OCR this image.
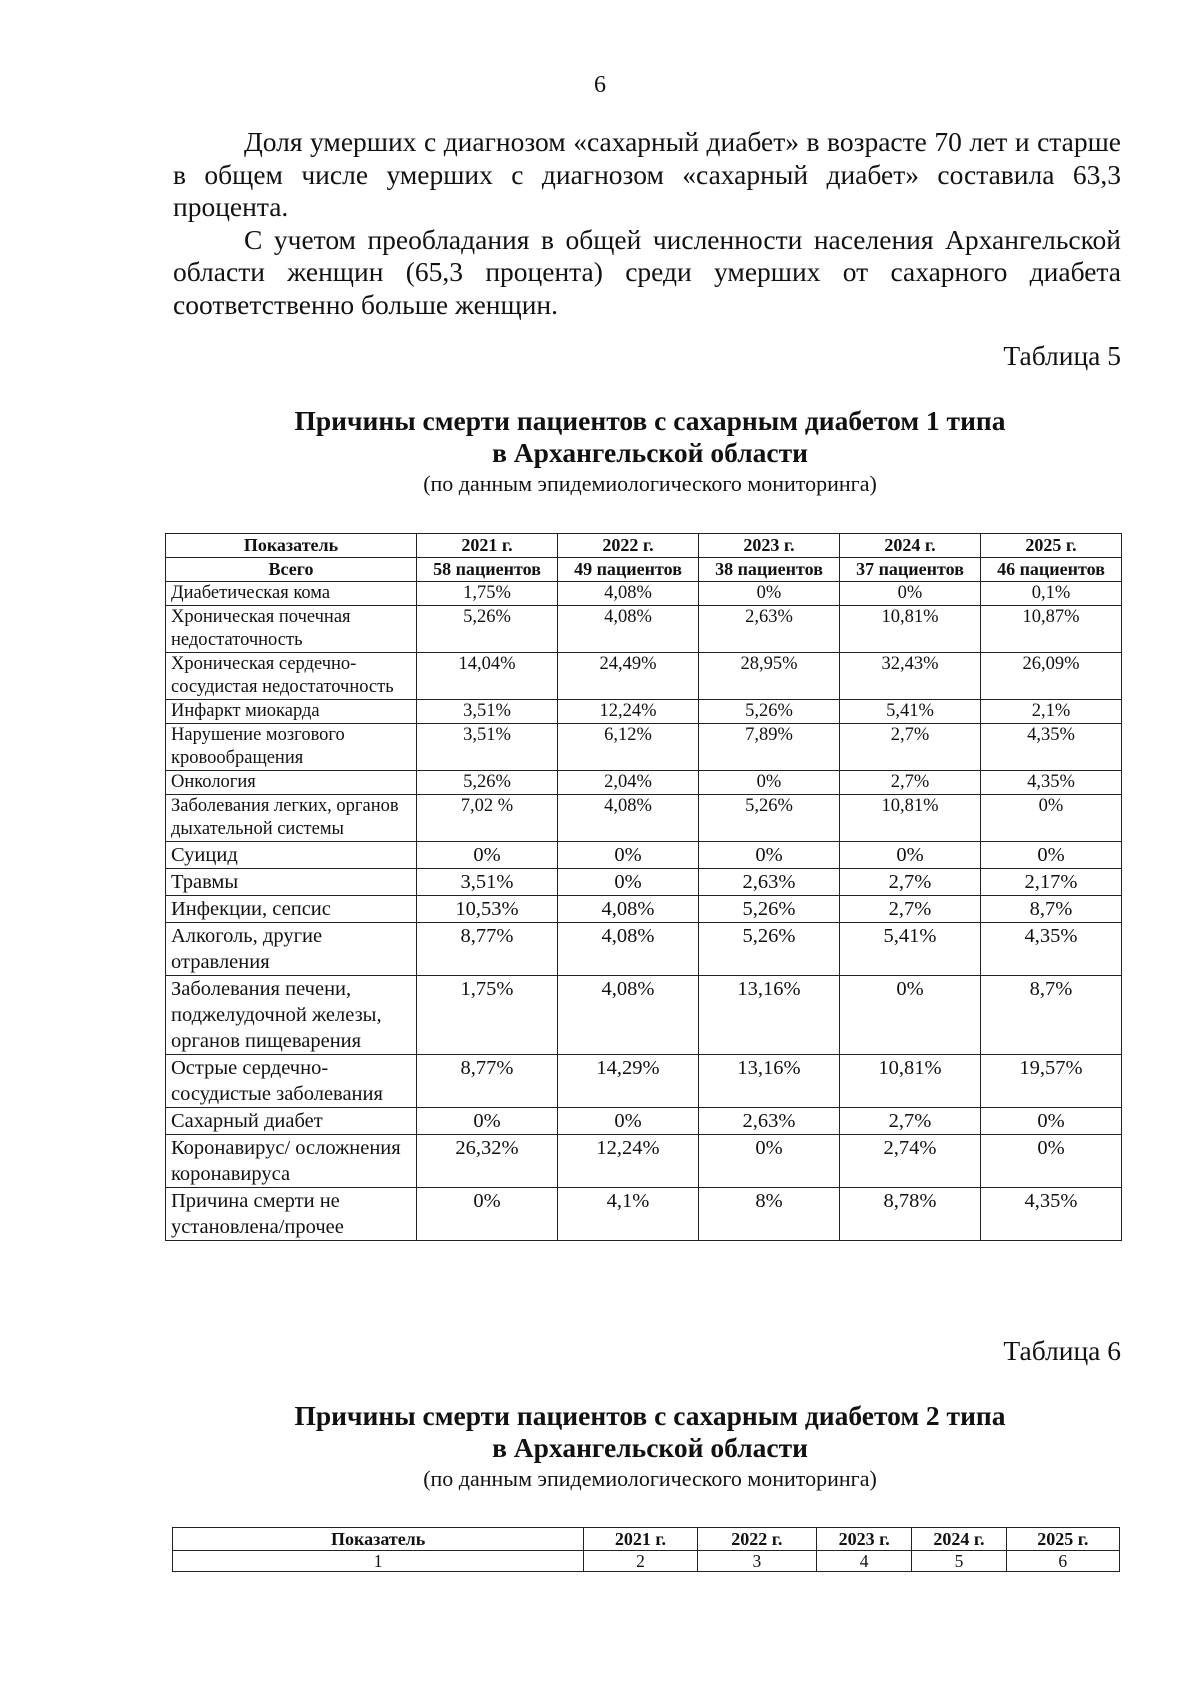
6

Доля умерших с диагнозом «сахарный диабет» в возрасте 70 лет и старше в общем числе умерших с диагнозом «сахарный диабет» составила 63,3 процента.

С учетом преобладания в общей численности населения Архангельской области женщин (65,3 процента) среди умерших от сахарного диабета соответственно больше женщин.

Таблица 5
Причины смерти пациентов с сахарным диабетом 1 типа
в Архангельской области
(по данным эпидемиологического мониторинга)
Показатель	2021 г.	2022 г.	2023 г.	2024 г.	2025 г.
Всего	58 пациентов	49 пациентов	38 пациентов	37 пациентов	46 пациентов
Диабетическая кома	1,75%	4,08%	0%	0%	0,1%
Хроническая почечная недостаточность	5,26%	4,08%	2,63%	10,81%	10,87%
Хроническая сердечно-сосудистая недостаточность	14,04%	24,49%	28,95%	32,43%	26,09%
Инфаркт миокарда	3,51%	12,24%	5,26%	5,41%	2,1%
Нарушение мозгового кровообращения	3,51%	6,12%	7,89%	2,7%	4,35%
Онкология	5,26%	2,04%	0%	2,7%	4,35%
Заболевания легких, органов дыхательной системы	7,02 %	4,08%	5,26%	10,81%	0%
Суицид	0%	0%	0%	0%	0%
Травмы	3,51%	0%	2,63%	2,7%	2,17%
Инфекции, сепсис	10,53%	4,08%	5,26%	2,7%	8,7%
Алкоголь, другие отравления	8,77%	4,08%	5,26%	5,41%	4,35%
Заболевания печени, поджелудочной железы, органов пищеварения	1,75%	4,08%	13,16%	0%	8,7%
Острые сердечно-сосудистые заболевания	8,77%	14,29%	13,16%	10,81%	19,57%
Сахарный диабет	0%	0%	2,63%	2,7%	0%
Коронавирус/ осложнения коронавируса	26,32%	12,24%	0%	2,74%	0%
Причина смерти не установлена/прочее	0%	4,1%	8%	8,78%	4,35%
Таблица 6
Причины смерти пациентов с сахарным диабетом 2 типа
в Архангельской области
(по данным эпидемиологического мониторинга)
Показатель	2021 г.	2022 г.	2023 г.	2024 г.	2025 г.
1	2	3	4	5	6
